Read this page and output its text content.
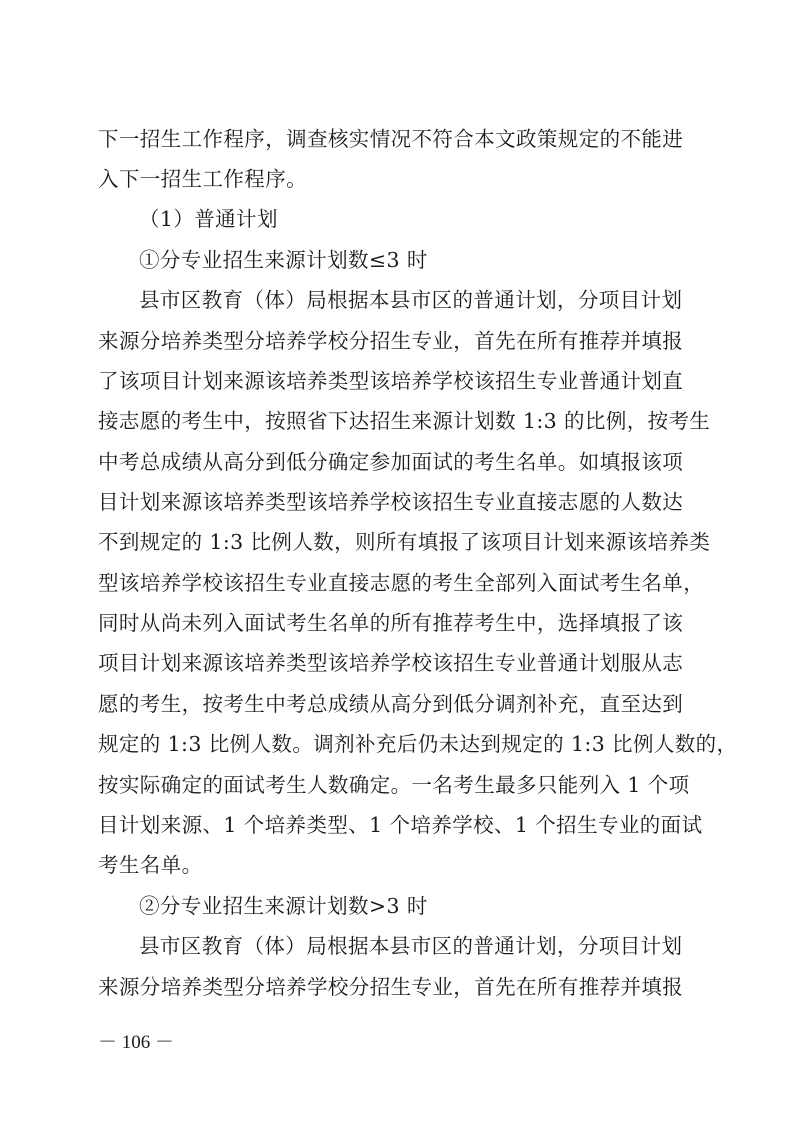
下一招生工作程序，调查核实情况不符合本文政策规定的不能进
入下一招生工作程序。
（1）普通计划
①分专业招生来源计划数≤3 时
县市区教育（体）局根据本县市区的普通计划，分项目计划
来源分培养类型分培养学校分招生专业，首先在所有推荐并填报
了该项目计划来源该培养类型该培养学校该招生专业普通计划直
接志愿的考生中，按照省下达招生来源计划数 1:3 的比例，按考生
中考总成绩从高分到低分确定参加面试的考生名单。如填报该项
目计划来源该培养类型该培养学校该招生专业直接志愿的人数达
不到规定的 1:3 比例人数，则所有填报了该项目计划来源该培养类
型该培养学校该招生专业直接志愿的考生全部列入面试考生名单，
同时从尚未列入面试考生名单的所有推荐考生中，选择填报了该
项目计划来源该培养类型该培养学校该招生专业普通计划服从志
愿的考生，按考生中考总成绩从高分到低分调剂补充，直至达到
规定的 1:3 比例人数。调剂补充后仍未达到规定的 1:3 比例人数的，
按实际确定的面试考生人数确定。一名考生最多只能列入 1 个项
目计划来源、1 个培养类型、1 个培养学校、1 个招生专业的面试
考生名单。
②分专业招生来源计划数>3 时
县市区教育（体）局根据本县市区的普通计划，分项目计划
来源分培养类型分培养学校分招生专业，首先在所有推荐并填报
－ 106 －
